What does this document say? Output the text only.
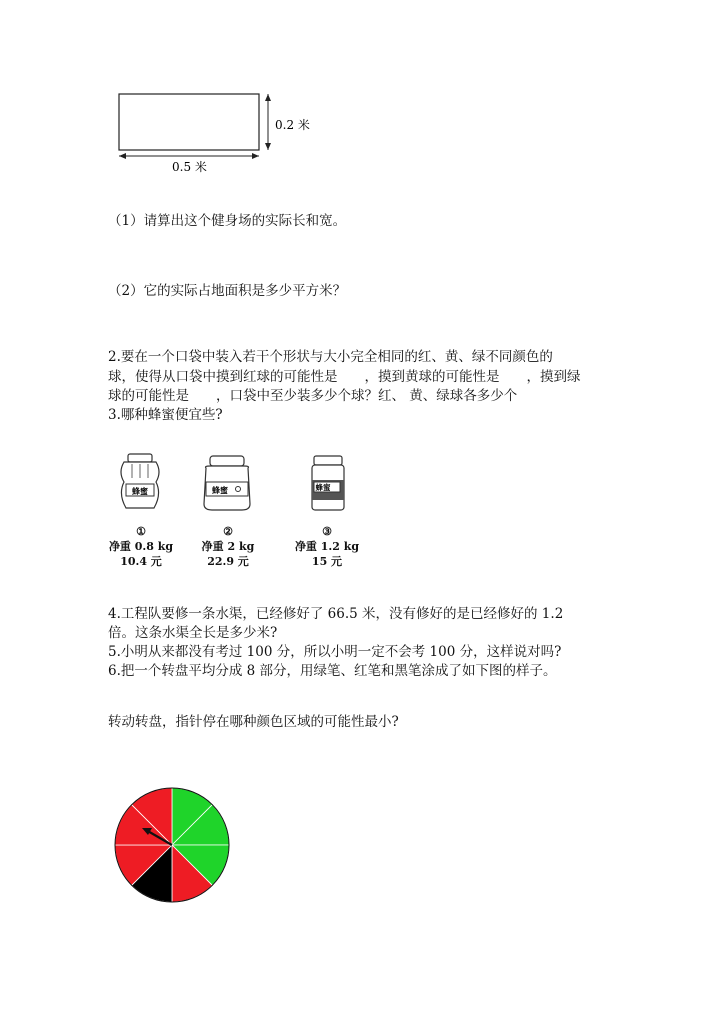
0.2 米
0.5 米
（1）请算出这个健身场的实际长和宽。
（2）它的实际占地面积是多少平方米？
2.要在一个口袋中装入若干个形状与大小完全相同的红、黄、绿不同颜色的
球，使得从口袋中摸到红球的可能性是　　，摸到黄球的可能性是　　，摸到绿
球的可能性是　　，口袋中至少装多少个球？红、 黄、绿球各多少个
3.哪种蜂蜜便宜些?
蜂蜜	蜂蜜	蜂蜜
①
净重 0.8 kg
10.4 元
②
净重 2 kg
22.9 元
③
净重 1.2 kg
15 元
4.工程队要修一条水渠，已经修好了 66.5 米，没有修好的是已经修好的 1.2
倍。这条水渠全长是多少米?
5.小明从来都没有考过 100 分，所以小明一定不会考 100 分，这样说对吗?
6.把一个转盘平均分成 8 部分，用绿笔、红笔和黑笔涂成了如下图的样子。
转动转盘，指针停在哪种颜色区域的可能性最小?
